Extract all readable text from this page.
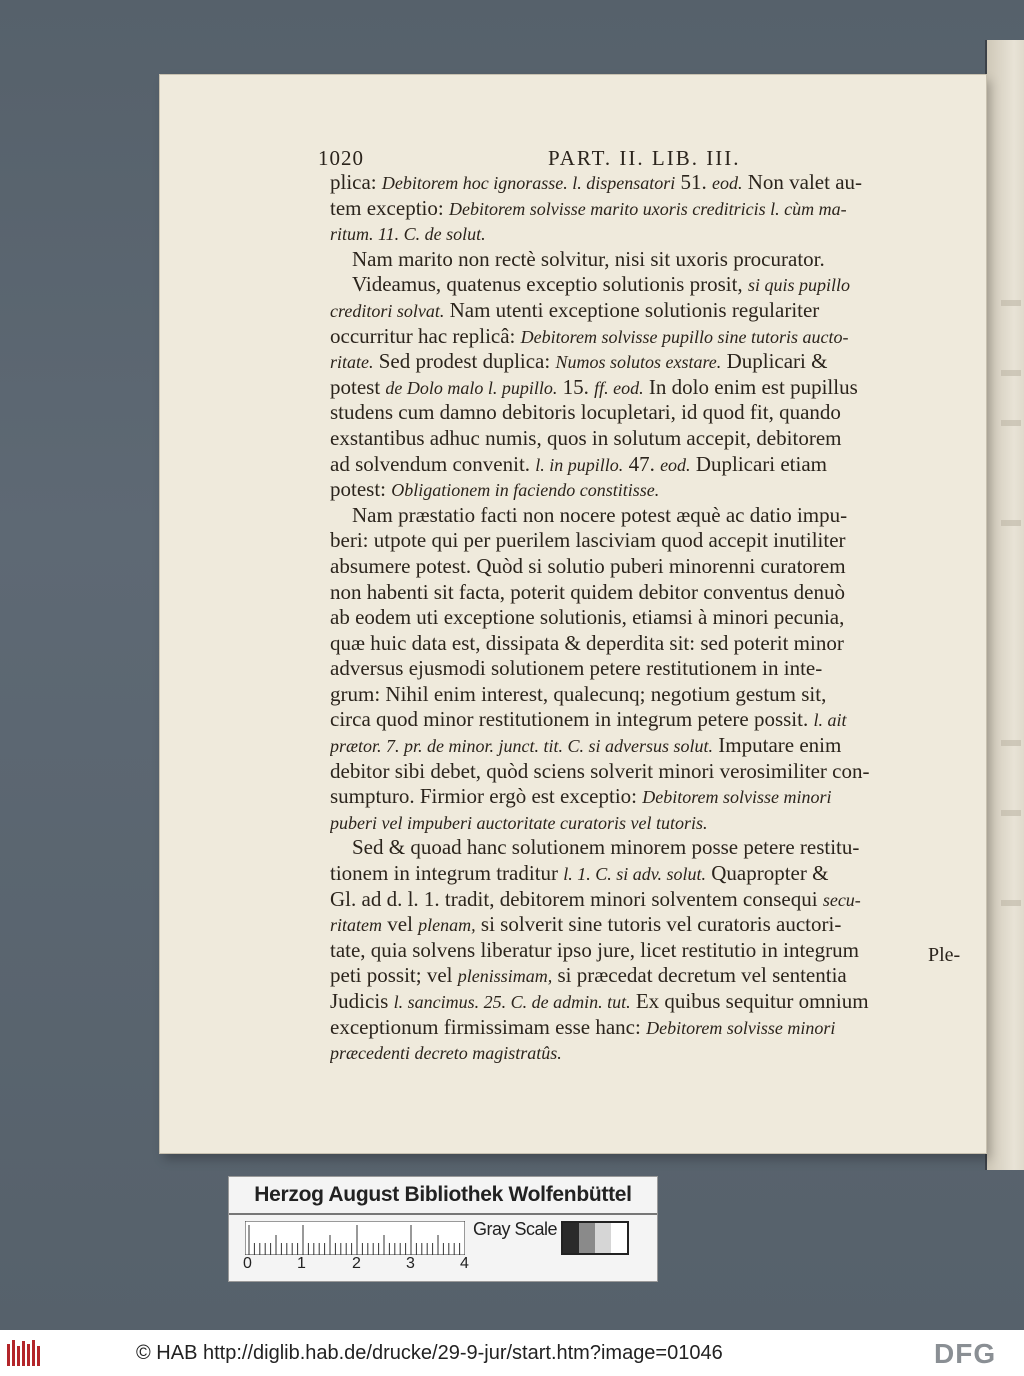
1020	PART. II. LIB. III.
plica: Debitorem hoc ignorasse. l. dispensatori 51. eod. Non valet au-
tem exceptio: Debitorem solvisse marito uxoris creditricis l. cùm ma-
ritum. 11. C. de solut.
Nam marito non rectè solvitur, nisi sit uxoris procurator.
Videamus, quatenus exceptio solutionis prosit, si quis pupillo
creditori solvat. Nam utenti exceptione solutionis regulariter
occurritur hac replicâ: Debitorem solvisse pupillo sine tutoris aucto-
ritate. Sed prodest duplica: Numos solutos exstare. Duplicari &
potest de Dolo malo l. pupillo. 15. ff. eod. In dolo enim est pupillus
studens cum damno debitoris locupletari, id quod fit, quando
exstantibus adhuc numis, quos in solutum accepit, debitorem
ad solvendum convenit. l. in pupillo. 47. eod. Duplicari etiam
potest: Obligationem in faciendo constitisse.
Nam præstatio facti non nocere potest æquè ac datio impu-
beri: utpote qui per puerilem lasciviam quod accepit inutiliter
absumere potest. Quòd si solutio puberi minorenni curatorem
non habenti sit facta, poterit quidem debitor conventus denuò
ab eodem uti exceptione solutionis, etiamsi à minori pecunia,
quæ huic data est, dissipata & deperdita sit: sed poterit minor
adversus ejusmodi solutionem petere restitutionem in inte-
grum: Nihil enim interest, qualecunq; negotium gestum sit,
circa quod minor restitutionem in integrum petere possit. l. ait
prætor. 7. pr. de minor. junct. tit. C. si adversus solut. Imputare enim
debitor sibi debet, quòd sciens solverit minori verosimiliter con-
sumpturo. Firmior ergò est exceptio: Debitorem solvisse minori
puberi vel impuberi auctoritate curatoris vel tutoris.
Sed & quoad hanc solutionem minorem posse petere restitu-
tionem in integrum traditur l. 1. C. si adv. solut. Quapropter &
Gl. ad d. l. 1. tradit, debitorem minori solventem consequi secu-
ritatem vel plenam, si solverit sine tutoris vel curatoris auctori-
tate, quia solvens liberatur ipso jure, licet restitutio in integrum
peti possit; vel plenissimam, si præcedat decretum vel sententia
Judicis l. sancimus. 25. C. de admin. tut. Ex quibus sequitur omnium
exceptionum firmissimam esse hanc: Debitorem solvisse minori
præcedenti decreto magistratûs.
Ple-
Herzog August Bibliothek Wolfenbüttel
0	1	2	3	4
Gray Scale
© HAB http://diglib.hab.de/drucke/29-9-jur/start.htm?image=01046	DFG
